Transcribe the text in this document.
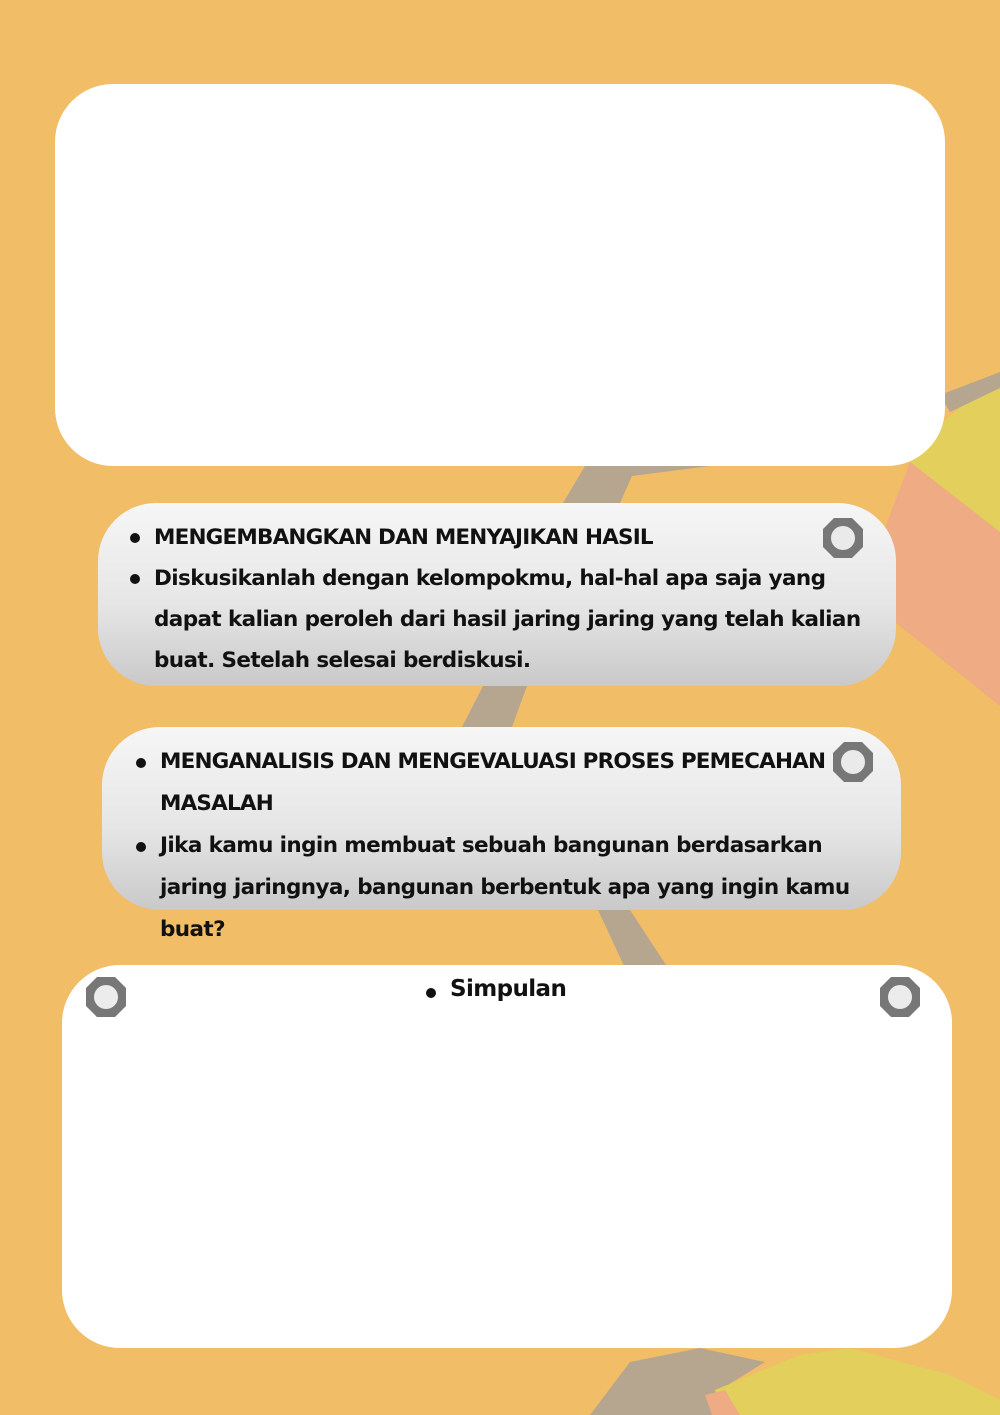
MENGEMBANGKAN DAN MENYAJIKAN HASIL
Diskusikanlah dengan kelompokmu, hal-hal apa saja yang dapat kalian peroleh dari hasil jaring jaring yang telah kalian buat. Setelah selesai berdiskusi.
MENGANALISIS DAN MENGEVALUASI PROSES PEMECAHAN MASALAH
Jika kamu ingin membuat sebuah bangunan berdasarkan jaring jaringnya, bangunan berbentuk apa yang ingin kamu buat?
Simpulan
